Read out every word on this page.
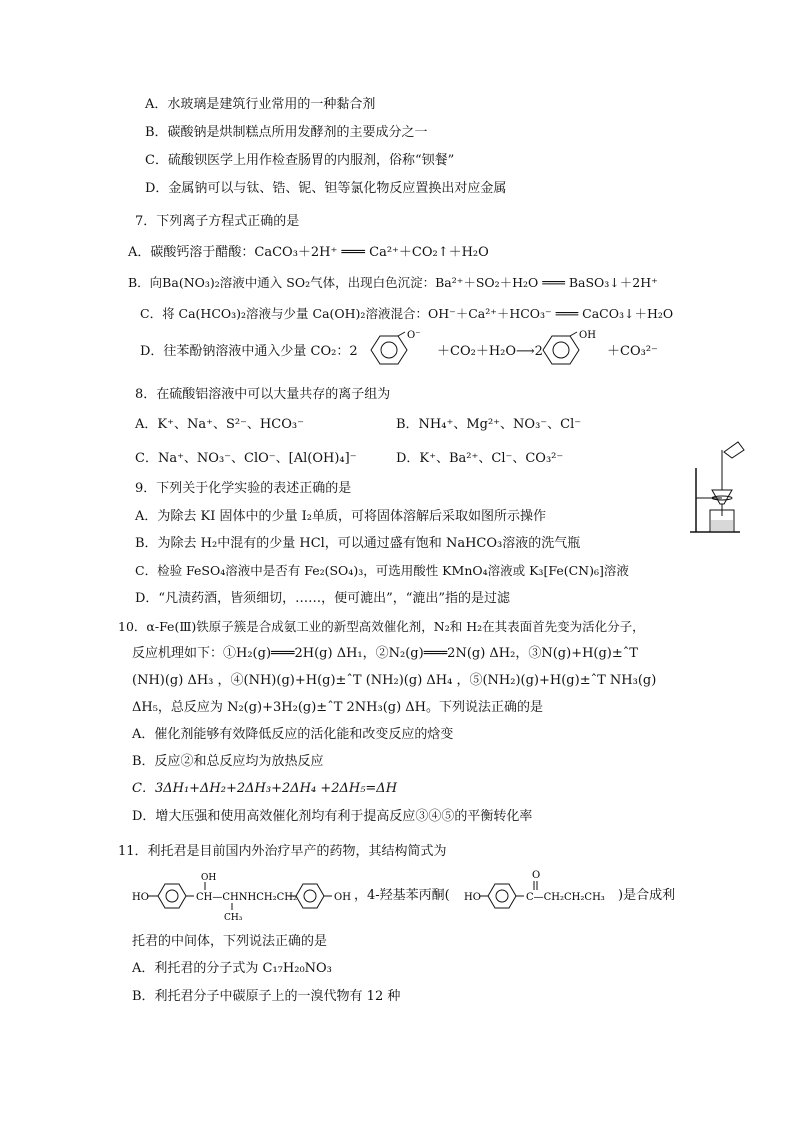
A．水玻璃是建筑行业常用的一种黏合剂
B．碳酸钠是烘制糕点所用发酵剂的主要成分之一
C．硫酸钡医学上用作检查肠胃的内服剂，俗称“钡餐”
D．金属钠可以与钛、锆、铌、钽等氯化物反应置换出对应金属
7．下列离子方程式正确的是
A．碳酸钙溶于醋酸：CaCO₃＋2H⁺ ═══ Ca²⁺＋CO₂↑＋H₂O
B．向Ba(NO₃)₂溶液中通入 SO₂气体，出现白色沉淀：Ba²⁺＋SO₂＋H₂O ═══ BaSO₃↓＋2H⁺
C．将 Ca(HCO₃)₂溶液与少量 Ca(OH)₂溶液混合：OH⁻＋Ca²⁺＋HCO₃⁻ ═══ CaCO₃↓＋H₂O
D．往苯酚钠溶液中通入少量 CO₂：2
O⁻
＋CO₂＋H₂O⟶2
OH
＋CO₃²⁻
8．在硫酸铝溶液中可以大量共存的离子组为
A．K⁺、Na⁺、S²⁻、HCO₃⁻	B．NH₄⁺、Mg²⁺、NO₃⁻、Cl⁻
C．Na⁺、NO₃⁻、ClO⁻、[Al(OH)₄]⁻	D．K⁺、Ba²⁺、Cl⁻、CO₃²⁻
9．下列关于化学实验的表述正确的是
A．为除去 KI 固体中的少量 I₂单质，可将固体溶解后采取如图所示操作
B．为除去 H₂中混有的少量 HCl，可以通过盛有饱和 NaHCO₃溶液的洗气瓶
C．检验 FeSO₄溶液中是否有 Fe₂(SO₄)₃，可选用酸性 KMnO₄溶液或 K₃[Fe(CN)₆]溶液
D．“凡渍药酒，皆须细切，……，便可漉出”，“漉出”指的是过滤
10．α-Fe(Ⅲ)铁原子簇是合成氨工业的新型高效催化剂，N₂和 H₂在其表面首先变为活化分子，
反应机理如下：①H₂(g)═══2H(g) ΔH₁，②N₂(g)═══2N(g) ΔH₂，③N(g)+H(g)±ˆT
(NH)(g) ΔH₃ ，④(NH)(g)+H(g)±ˆT (NH₂)(g) ΔH₄ ，⑤(NH₂)(g)+H(g)±ˆT NH₃(g)
ΔH₅，总反应为 N₂(g)+3H₂(g)±ˆT 2NH₃(g) ΔH。下列说法正确的是
A．催化剂能够有效降低反应的活化能和改变反应的焓变
B．反应②和总反应均为放热反应
C．3ΔH₁+ΔH₂+2ΔH₃+2ΔH₄ +2ΔH₅=ΔH
D．增大压强和使用高效催化剂均有利于提高反应③④⑤的平衡转化率
11．利托君是目前国内外治疗早产的药物，其结构简式为
HO
OH
CH—CHNHCH₂CH₂
CH₃
OH ，4-羟基苯丙酮( HO
O
C—CH₂CH₂CH₃ )是合成利
托君的中间体，下列说法正确的是
A．利托君的分子式为 C₁₇H₂₀NO₃
B．利托君分子中碳原子上的一溴代物有 12 种
